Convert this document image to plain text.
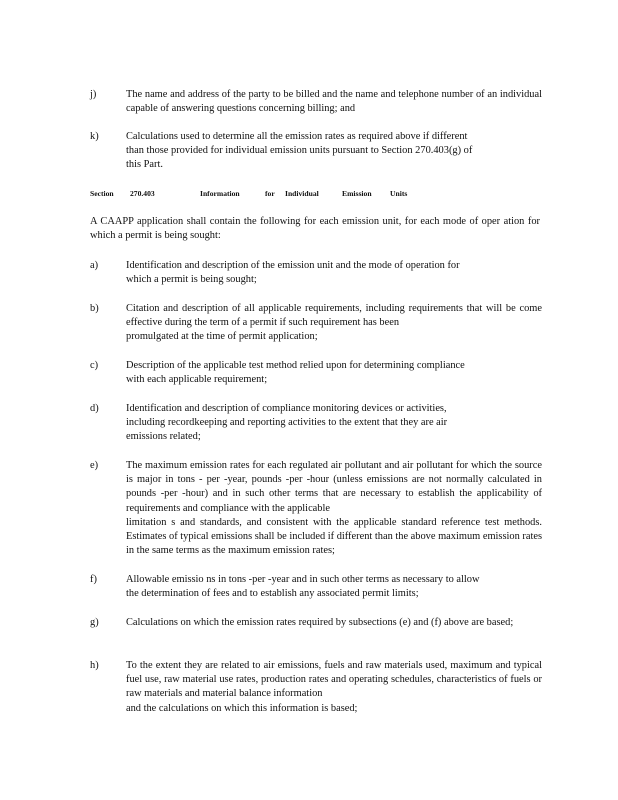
j)	The name and address of the party to be billed and the name and telephone number of an individual capable of answering questions concerning billing; and
k)	Calculations used to determine all the emission rates as required above if different
than those provided for individual emission units pursuant to Section 270.403(g) of
this Part.
Section 270.403	Information	for Individual	Emission Units
A CAAPP application shall contain the following for each emission unit, for each mode of oper ation for which a permit is being sought:
a)	Identification and description of the emission unit and the mode of operation for
which a permit is being sought;
b)	Citation and description of all applicable requirements, including requirements that will be come effective during the term of a permit if such requirement has been
promulgated at the time of permit application;
c)	Description of the applicable test method relied upon for determining compliance
with each applicable requirement;
d)	Identification and description of compliance monitoring devices or activities,
including recordkeeping and reporting activities to the extent that they are air
emissions related;
e)	The maximum emission rates for each regulated air pollutant and air pollutant for which the source is major in tons - per -year, pounds -per -hour (unless emissions are not normally calculated in pounds -per -hour) and in such other terms that are necessary to establish the applicability of requirements and compliance with the applicable
limitation s and standards, and consistent with the applicable standard reference test methods. Estimates of typical emissions shall be included if different than the above maximum emission rates in the same terms as the maximum emission rates;
f)	Allowable emissio ns in tons -per -year and in such other terms as necessary to allow
the determination of fees and to establish any associated permit limits;
g)	Calculations on which the emission rates required by subsections (e) and (f) above are based;
h)	To the extent they are related to air emissions, fuels and raw materials used, maximum and typical fuel use, raw material use rates, production rates and operating schedules, characteristics of fuels or raw materials and material balance information
and the calculations on which this information is based;
